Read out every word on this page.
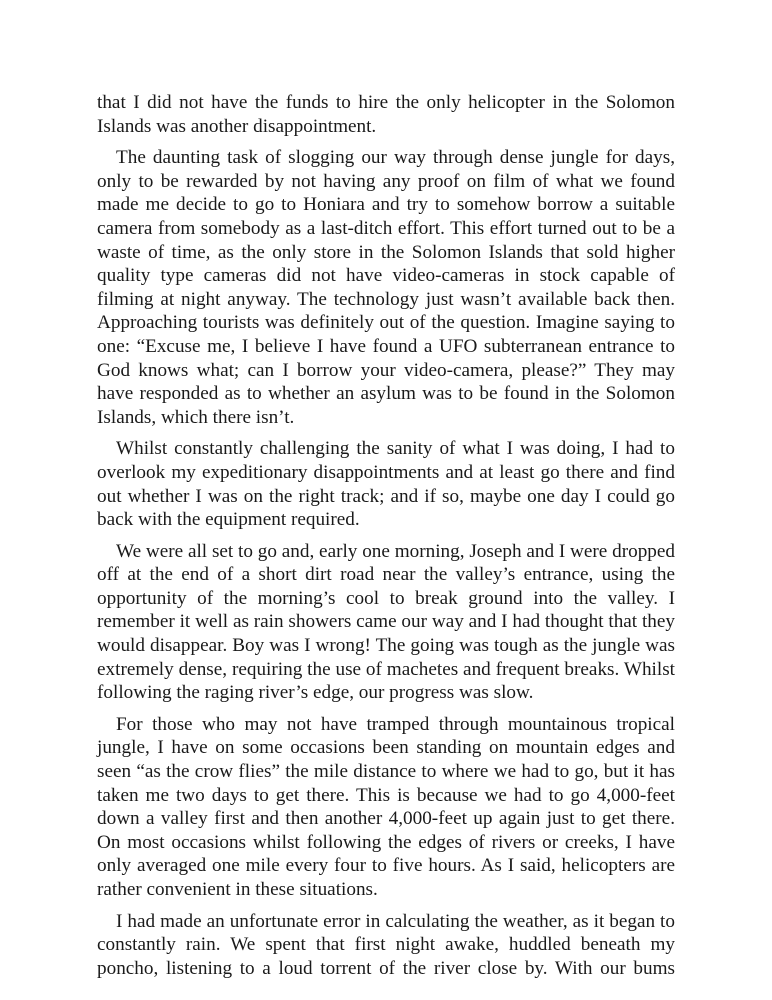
that I did not have the funds to hire the only helicopter in the Solomon Islands was another disappointment.

The daunting task of slogging our way through dense jungle for days, only to be rewarded by not having any proof on film of what we found made me decide to go to Honiara and try to somehow borrow a suitable camera from somebody as a last-ditch effort. This effort turned out to be a waste of time, as the only store in the Solomon Islands that sold higher quality type cameras did not have video-cameras in stock capable of filming at night anyway. The technology just wasn’t available back then. Approaching tourists was definitely out of the question. Imagine saying to one: “Excuse me, I believe I have found a UFO subterranean entrance to God knows what; can I borrow your video-camera, please?” They may have responded as to whether an asylum was to be found in the Solomon Islands, which there isn’t.

Whilst constantly challenging the sanity of what I was doing, I had to overlook my expeditionary disappointments and at least go there and find out whether I was on the right track; and if so, maybe one day I could go back with the equipment required.

We were all set to go and, early one morning, Joseph and I were dropped off at the end of a short dirt road near the valley’s entrance, using the opportunity of the morning’s cool to break ground into the valley. I remember it well as rain showers came our way and I had thought that they would disappear. Boy was I wrong! The going was tough as the jungle was extremely dense, requiring the use of machetes and frequent breaks. Whilst following the raging river’s edge, our progress was slow.

For those who may not have tramped through mountainous tropical jungle, I have on some occasions been standing on mountain edges and seen “as the crow flies” the mile distance to where we had to go, but it has taken me two days to get there. This is because we had to go 4,000-feet down a valley first and then another 4,000-feet up again just to get there. On most occasions whilst following the edges of rivers or creeks, I have only averaged one mile every four to five hours. As I said, helicopters are rather convenient in these situations.

I had made an unfortunate error in calculating the weather, as it began to constantly rain. We spent that first night awake, huddled beneath my poncho, listening to a loud torrent of the river close by. With our bums
